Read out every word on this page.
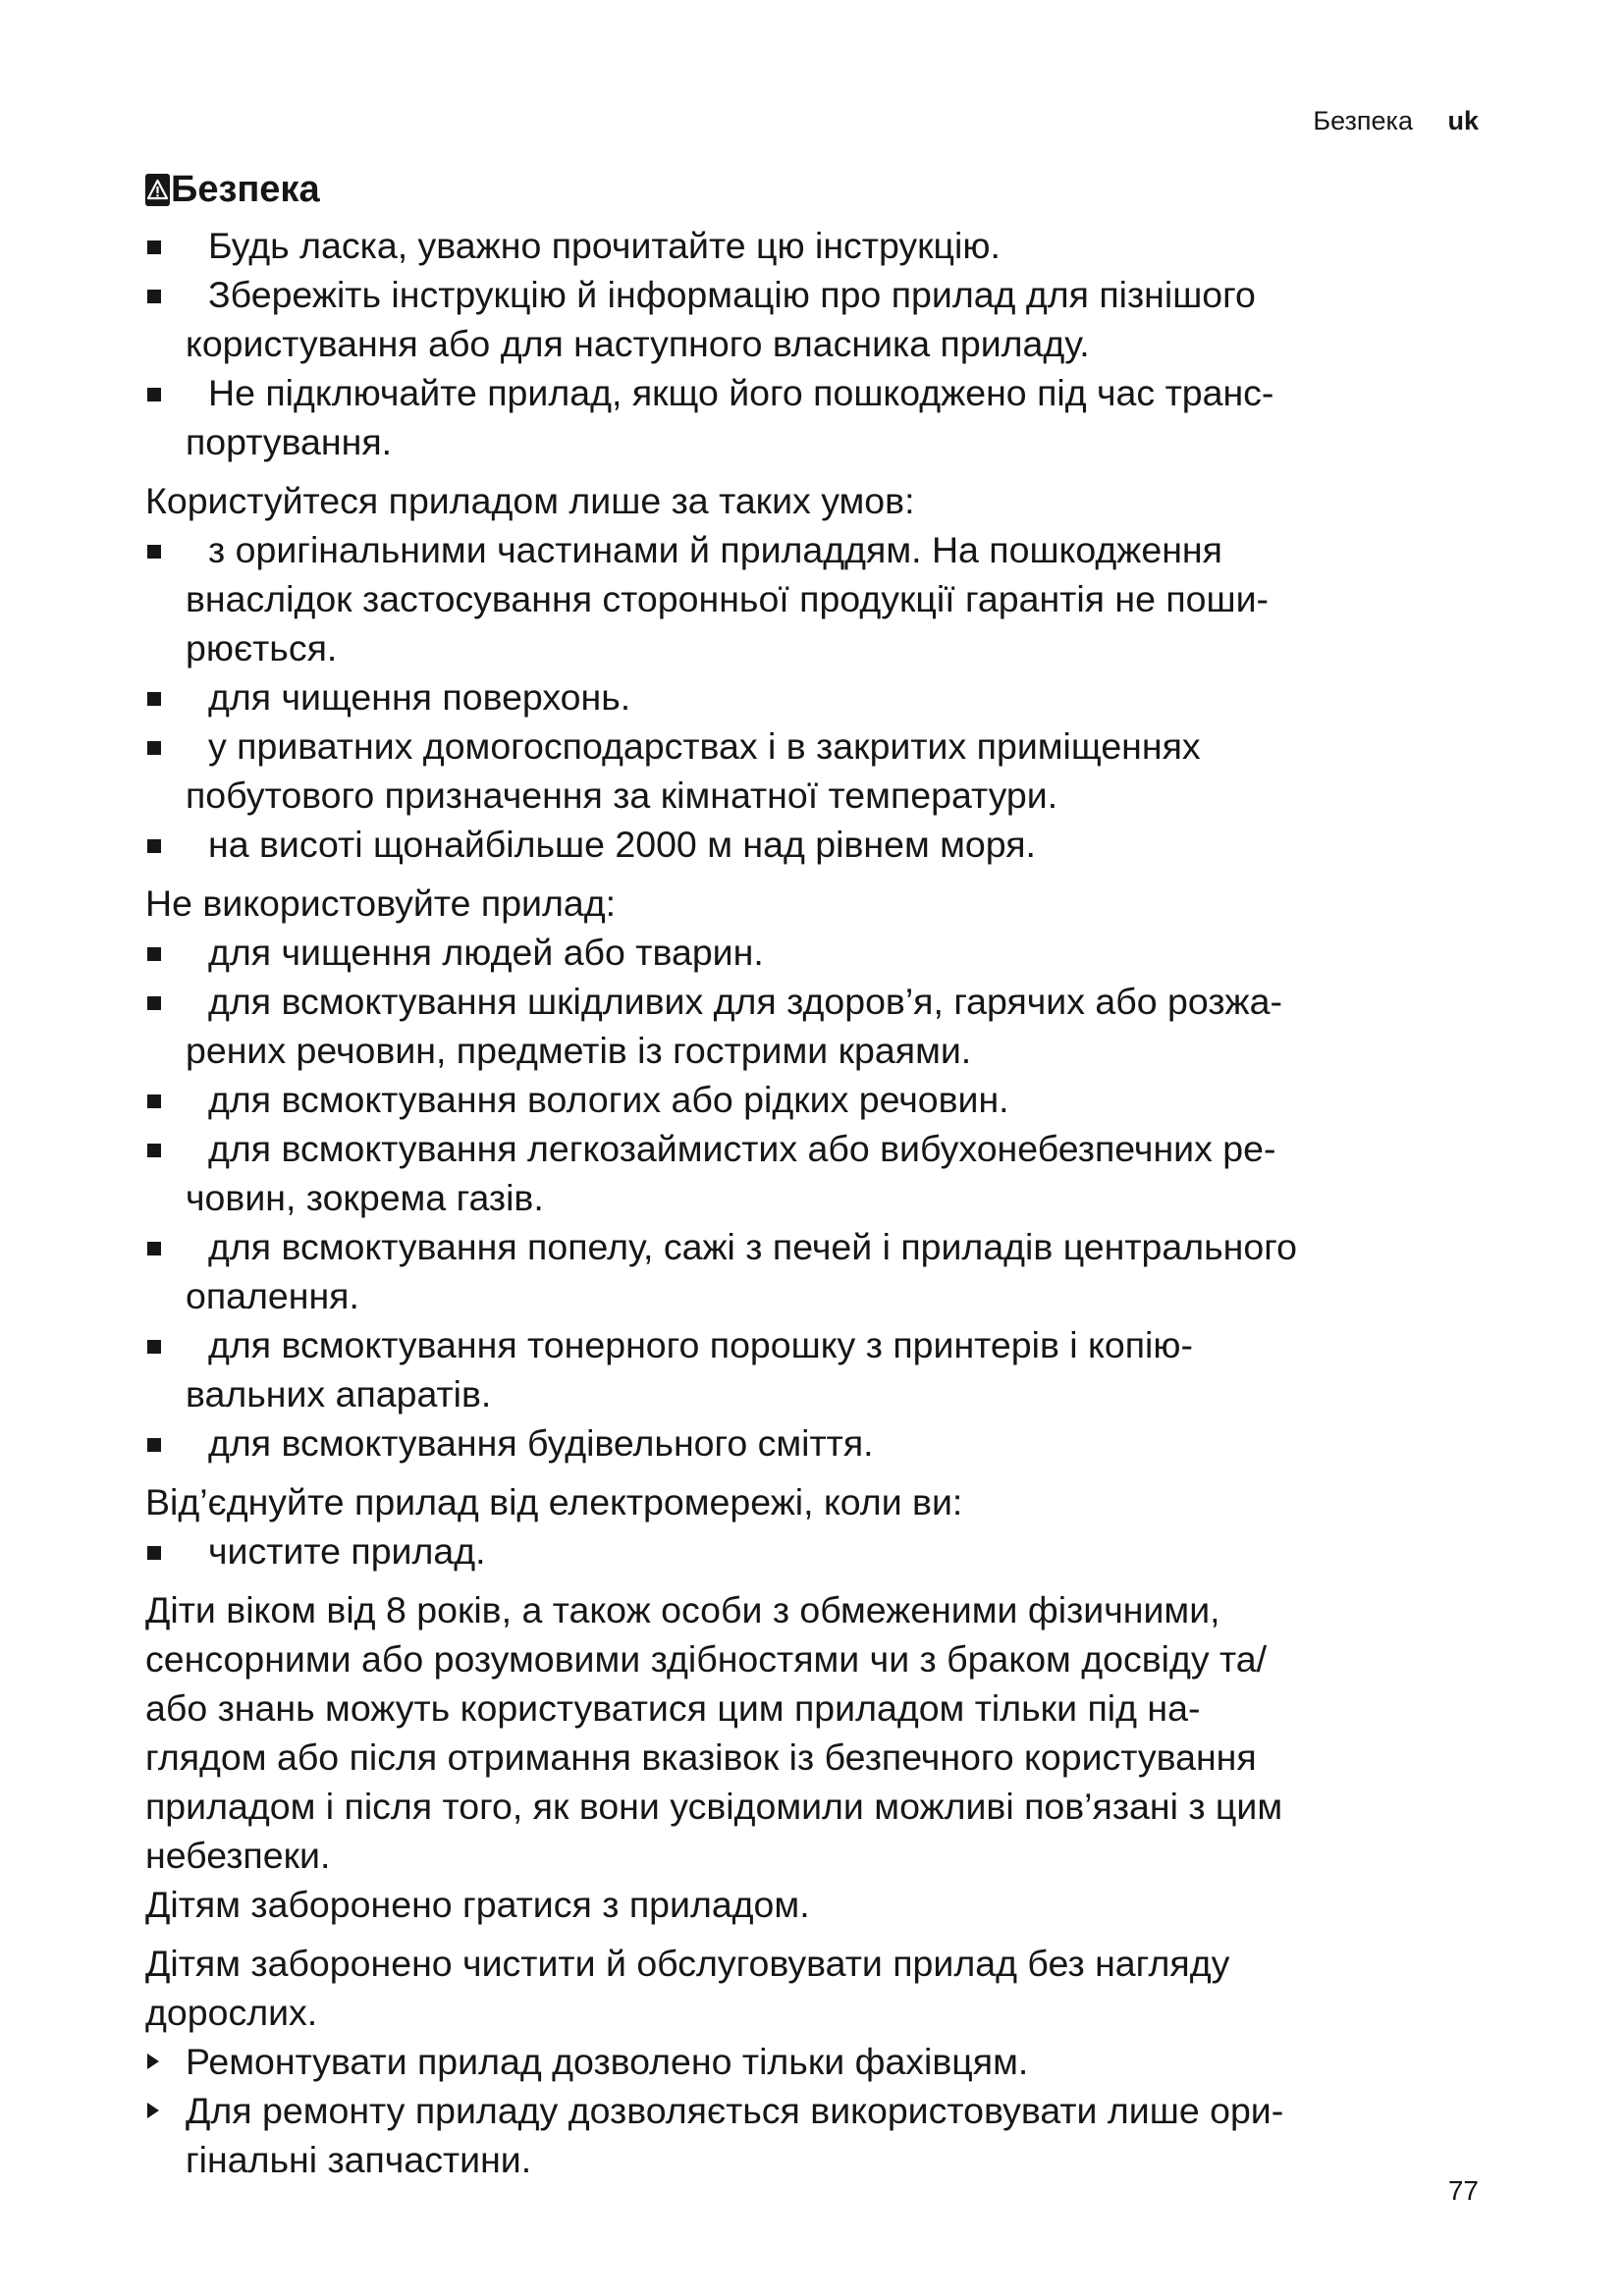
Безпека uk
Безпека
Будь ласка, уважно прочитайте цю інструкцію.
Збережіть інструкцію й інформацію про прилад для пізнішого
користування або для наступного власника приладу.
Не підключайте прилад, якщо його пошкоджено під час транс-
портування.

Користуйтеся приладом лише за таких умов:

з оригінальними частинами й приладдям. На пошкодження
внаслідок застосування сторонньої продукції гарантія не поши-
рюється.
для чищення поверхонь.
у приватних домогосподарствах і в закритих приміщеннях
побутового призначення за кімнатної температури.
на висоті щонайбільше 2000 м над рівнем моря.

Не використовуйте прилад:

для чищення людей або тварин.
для всмоктування шкідливих для здоров’я, гарячих або розжа-
рених речовин, предметів із гострими краями.
для всмоктування вологих або рідких речовин.
для всмоктування легкозаймистих або вибухонебезпечних ре-
човин, зокрема газів.
для всмоктування попелу, сажі з печей і приладів центрального
опалення.
для всмоктування тонерного порошку з принтерів і копію-
вальних апаратів.
для всмоктування будівельного сміття.

Від’єднуйте прилад від електромережі, коли ви:

чистите прилад.

Діти віком від 8 років, а також особи з обмеженими фізичними,
сенсорними або розумовими здібностями чи з браком досвіду та/
або знань можуть користуватися цим приладом тільки під на-
глядом або після отримання вказівок із безпечного користування
приладом і після того, як вони усвідомили можливі пов’язані з цим
небезпеки.

Дітям заборонено гратися з приладом.

Дітям заборонено чистити й обслуговувати прилад без нагляду
дорослих.

Ремонтувати прилад дозволено тільки фахівцям.
Для ремонту приладу дозволяється використовувати лише ори-
гінальні запчастини.
77
